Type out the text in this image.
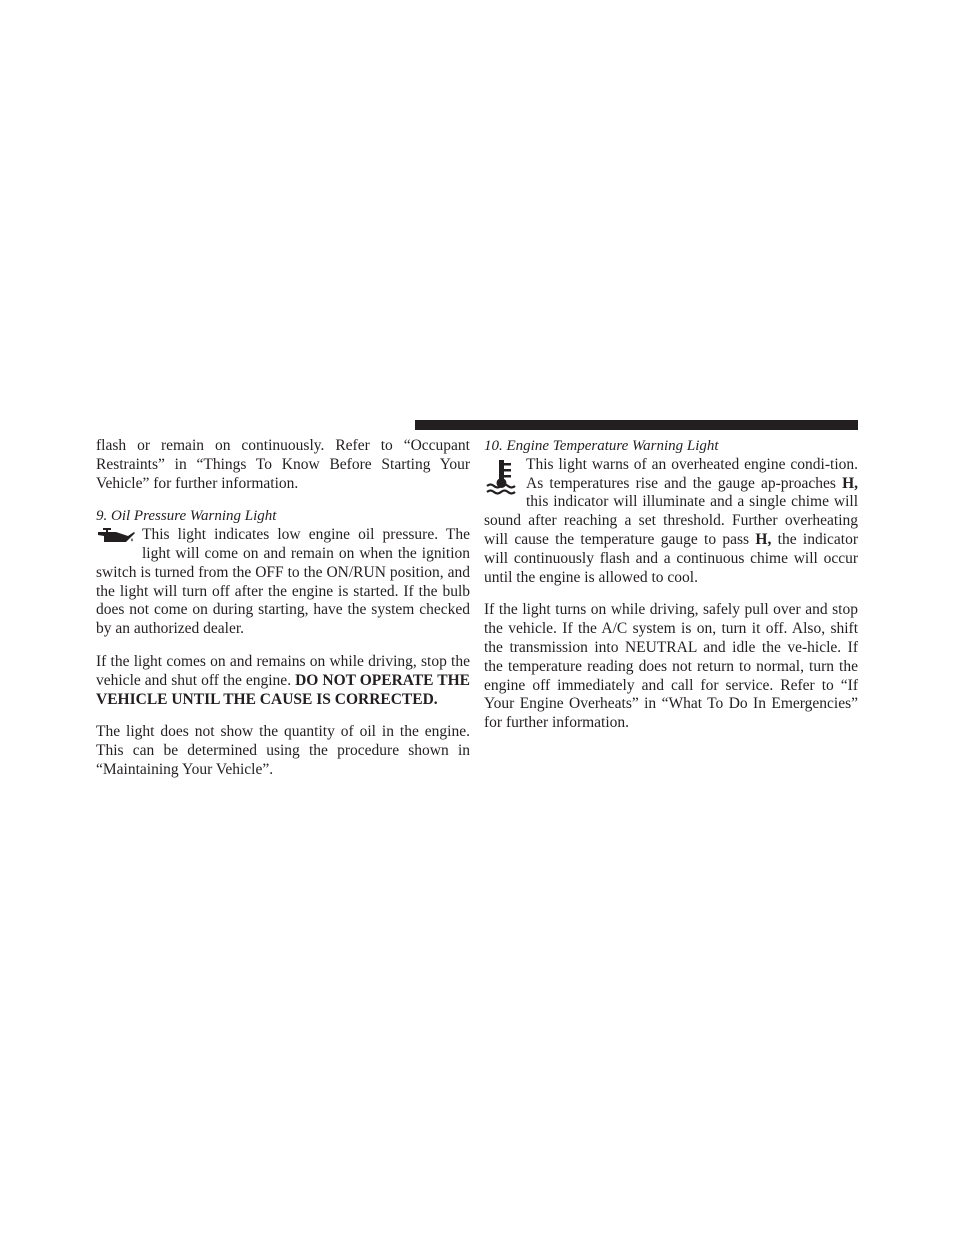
flash or remain on continuously. Refer to “Occupant Restraints” in “Things To Know Before Starting Your Vehicle” for further information.

9. Oil Pressure Warning Light

This light indicates low engine oil pressure. The light will come on and remain on when the ignition switch is turned from the OFF to the ON/RUN position, and the light will turn off after the engine is started. If the bulb does not come on during starting, have the system checked by an authorized dealer.

If the light comes on and remains on while driving, stop the vehicle and shut off the engine. DO NOT OPERATE THE VEHICLE UNTIL THE CAUSE IS CORRECTED.

The light does not show the quantity of oil in the engine. This can be determined using the procedure shown in “Maintaining Your Vehicle”.

10. Engine Temperature Warning Light

This light warns of an overheated engine condi-tion. As temperatures rise and the gauge ap-proaches H, this indicator will illuminate and a single chime will sound after reaching a set threshold. Further overheating will cause the temperature gauge to pass H, the indicator will continuously flash and a continuous chime will occur until the engine is allowed to cool.

If the light turns on while driving, safely pull over and stop the vehicle. If the A/C system is on, turn it off. Also, shift the transmission into NEUTRAL and idle the ve-hicle. If the temperature reading does not return to normal, turn the engine off immediately and call for service. Refer to “If Your Engine Overheats” in “What To Do In Emergencies” for further information.
